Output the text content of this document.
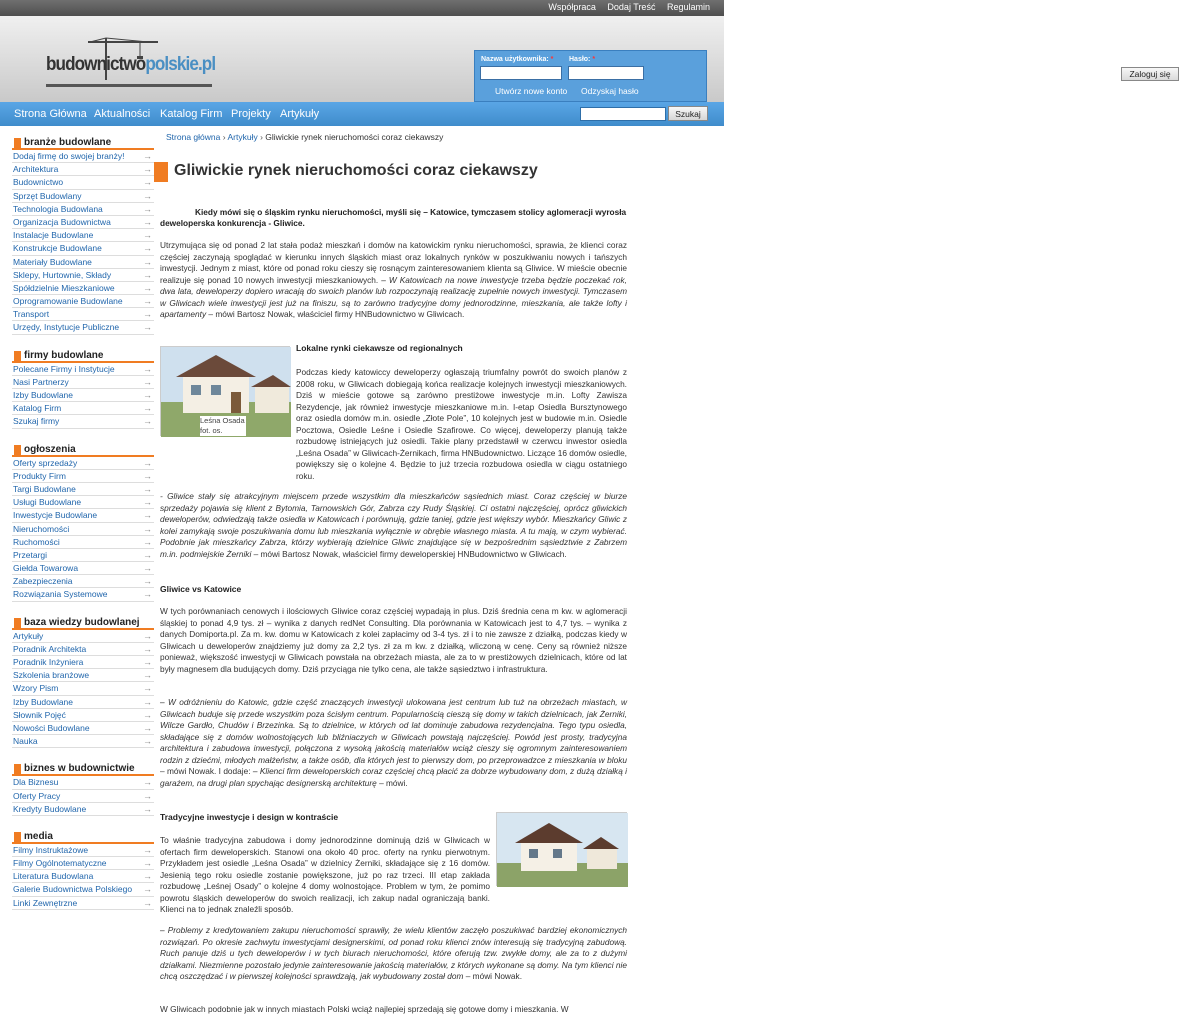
Współpraca Dodaj Treść Regulamin
budownictwopolskie.pl	Nazwa użytkownika: * Hasło: *
Zaloguj się
Utwórz nowe konto Odzyskaj hasło
Strona Główna Aktualności Katalog Firm Projekty Artykuły	Szukaj
branże budowlane
Dodaj firmę do swojej branży! →
Architektura	→
Budownictwo	→
Sprzęt Budowlany	→
Technologia Budowlana	→
Organizacja Budownictwa	→
Instalacje Budowlane	→
Konstrukcje Budowlane	→
Materiały Budowlane	→
Sklepy, Hurtownie, Składy	→
Spółdzielnie Mieszkaniowe	→
Oprogramowanie Budowlane →
Transport	→
Urzędy, Instytucje Publiczne	→
firmy budowlane
Polecane Firmy i Instytucje	→
Nasi Partnerzy	→
Izby Budowlane	→
Katalog Firm	→
Szukaj firmy	→
ogłoszenia
Oferty sprzedaży	→
Produkty Firm	→
Targi Budowlane	→
Usługi Budowlane	→
Inwestycje Budowlane	→
Nieruchomości	→
Ruchomości	→
Przetargi	→
Giełda Towarowa	→
Zabezpieczenia	→
Rozwiązania Systemowe	→
baza wiedzy budowlanej
Artykuły	→
Poradnik Architekta	→
Poradnik Inżyniera	→
Szkolenia branżowe	→
Wzory Pism	→
Izby Budowlane	→
Słownik Pojęć	→
Nowości Budowlane	→
Nauka	→
biznes w budownictwie
Dla Biznesu	→
Oferty Pracy	→
Kredyty Budowlane	→
media
Filmy Instruktażowe	→
Filmy Ogólnotematyczne	→
Literatura Budowlana	→
Galerie Budownictwa Polskiego →
Linki Zewnętrzne	→
Strona główna › Artykuły › Gliwickie rynek nieruchomości coraz ciekawszy
Gliwickie rynek nieruchomości coraz ciekawszy
Kiedy mówi się o śląskim rynku nieruchomości, myśli się – Katowice, tymczasem stolicy aglomeracji wyrosła deweloperska konkurencja - Gliwice.
Utrzymująca się od ponad 2 lat stała podaż mieszkań i domów na katowickim rynku nieruchomości, sprawia, że klienci coraz częściej zaczynają spoglądać w kierunku innych śląskich miast oraz lokalnych rynków w poszukiwaniu nowych i tańszych inwestycji. Jednym z miast, które od ponad roku cieszy się rosnącym zainteresowaniem klienta są Gliwice. W mieście obecnie realizuje się ponad 10 nowych inwestycji mieszkaniowych. – W Katowicach na nowe inwestycje trzeba będzie poczekać rok, dwa lata, deweloperzy dopiero wracają do swoich planów lub rozpoczynają realizację zupełnie nowych inwestycji. Tymczasem w Gliwicach wiele inwestycji jest już na finiszu, są to zarówno tradycyjne domy jednorodzinne, mieszkania, ale także lofty i apartamenty – mówi Bartosz Nowak, właściciel firmy HNBudownictwo w Gliwicach.
Leśna Osada fot. os.
Lokalne rynki ciekawsze od regionalnych
Podczas kiedy katowiccy deweloperzy ogłaszają triumfalny powrót do swoich planów z 2008 roku, w Gliwicach dobiegają końca realizacje kolejnych inwestycji mieszkaniowych. Dziś w mieście gotowe są zarówno prestiżowe inwestycje m.in. Lofty Zawisza Rezydencje, jak również inwestycje mieszkaniowe m.in. I-etap Osiedla Bursztynowego oraz osiedla domów m.in. osiedle „Złote Pole”, 10 kolejnych jest w budowie m.in. Osiedle Pocztowa, Osiedle Leśne i Osiedle Szafirowe. Co więcej, deweloperzy planują także rozbudowę istniejących już osiedli. Takie plany przedstawił w czerwcu inwestor osiedla „Leśna Osada” w Gliwicach-Żernikach, firma HNBudownictwo. Liczące 16 domów osiedle, powiększy się o kolejne 4. Będzie to już trzecia rozbudowa osiedla w ciągu ostatniego roku.
- Gliwice stały się atrakcyjnym miejscem przede wszystkim dla mieszkańców sąsiednich miast. Coraz częściej w biurze sprzedaży pojawia się klient z Bytomia, Tarnowskich Gór, Zabrza czy Rudy Śląskiej. Ci ostatni najczęściej, oprócz gliwickich deweloperów, odwiedzają także osiedla w Katowicach i porównują, gdzie taniej, gdzie jest większy wybór. Mieszkańcy Gliwic z kolei zamykają swoje poszukiwania domu lub mieszkania wyłącznie w obrębie własnego miasta. A tu mają, w czym wybierać. Podobnie jak mieszkańcy Zabrza, którzy wybierają dzielnice Gliwic znajdujące się w bezpośrednim sąsiedztwie z Zabrzem m.in. podmiejskie Żerniki – mówi Bartosz Nowak, właściciel firmy deweloperskiej HNBudownictwo w Gliwicach.
Gliwice vs Katowice
W tych porównaniach cenowych i ilościowych Gliwice coraz częściej wypadają in plus. Dziś średnia cena m kw. w aglomeracji śląskiej to ponad 4,9 tys. zł – wynika z danych redNet Consulting. Dla porównania w Katowicach jest to 4,7 tys. – wynika z danych Domiporta.pl. Za m. kw. domu w Katowicach z kolei zapłacimy od 3-4 tys. zł i to nie zawsze z działką, podczas kiedy w Gliwicach u deweloperów znajdziemy już domy za 2,2 tys. zł za m kw. z działką, wliczoną w cenę. Ceny są również niższe ponieważ, większość inwestycji w Gliwicach powstała na obrzeżach miasta, ale za to w prestiżowych dzielnicach, które od lat były magnesem dla budujących domy. Dziś przyciąga nie tylko cena, ale także sąsiedztwo i infrastruktura.
– W odróżnieniu do Katowic, gdzie część znaczących inwestycji ulokowana jest centrum lub tuż na obrzeżach miastach, w Gliwicach buduje się przede wszystkim poza ścisłym centrum. Popularnością cieszą się domy w takich dzielnicach, jak Żerniki, Wilcze Gardło, Chudów i Brzezinka. Są to dzielnice, w których od lat dominuje zabudowa rezydencjalna. Tego typu osiedla, składające się z domów wolnostojących lub bliźniaczych w Gliwicach powstają najczęściej. Powód jest prosty, tradycyjna architektura i zabudowa inwestycji, połączona z wysoką jakością materiałów wciąż cieszy się ogromnym zainteresowaniem rodzin z dziećmi, młodych małżeństw, a także osób, dla których jest to pierwszy dom, po przeprowadzce z mieszkania w bloku – mówi Nowak. I dodaje: – Klienci firm deweloperskich coraz częściej chcą płacić za dobrze wybudowany dom, z dużą działką i garażem, na drugi plan spychając designerską architekturę – mówi.
Tradycyjne inwestycje i design w kontraście
To właśnie tradycyjna zabudowa i domy jednorodzinne dominują dziś w Gliwicach w ofertach firm deweloperskich. Stanowi ona około 40 proc. oferty na rynku pierwotnym. Przykładem jest osiedle „Leśna Osada” w dzielnicy Żerniki, składające się z 16 domów. Jesienią tego roku osiedle zostanie powiększone, już po raz trzeci. III etap zakłada rozbudowę „Leśnej Osady” o kolejne 4 domy wolnostojące. Problem w tym, że pomimo powrotu śląskich deweloperów do swoich realizacji, ich zakup nadal ograniczają banki. Klienci na to jednak znaleźli sposób.
– Problemy z kredytowaniem zakupu nieruchomości sprawiły, że wielu klientów zaczęło poszukiwać bardziej ekonomicznych rozwiązań. Po okresie zachwytu inwestycjami designerskimi, od ponad roku klienci znów interesują się tradycyjną zabudową. Ruch panuje dziś u tych deweloperów i w tych biurach nieruchomości, które oferują tzw. zwykłe domy, ale za to z dużymi działkami. Niezmienne pozostało jedynie zainteresowanie jakością materiałów, z których wykonane są domy. Na tym klienci nie chcą oszczędzać i w pierwszej kolejności sprawdzają, jak wybudowany został dom – mówi Nowak.
W Gliwicach podobnie jak w innych miastach Polski wciąż najlepiej sprzedają się gotowe domy i mieszkania. W
